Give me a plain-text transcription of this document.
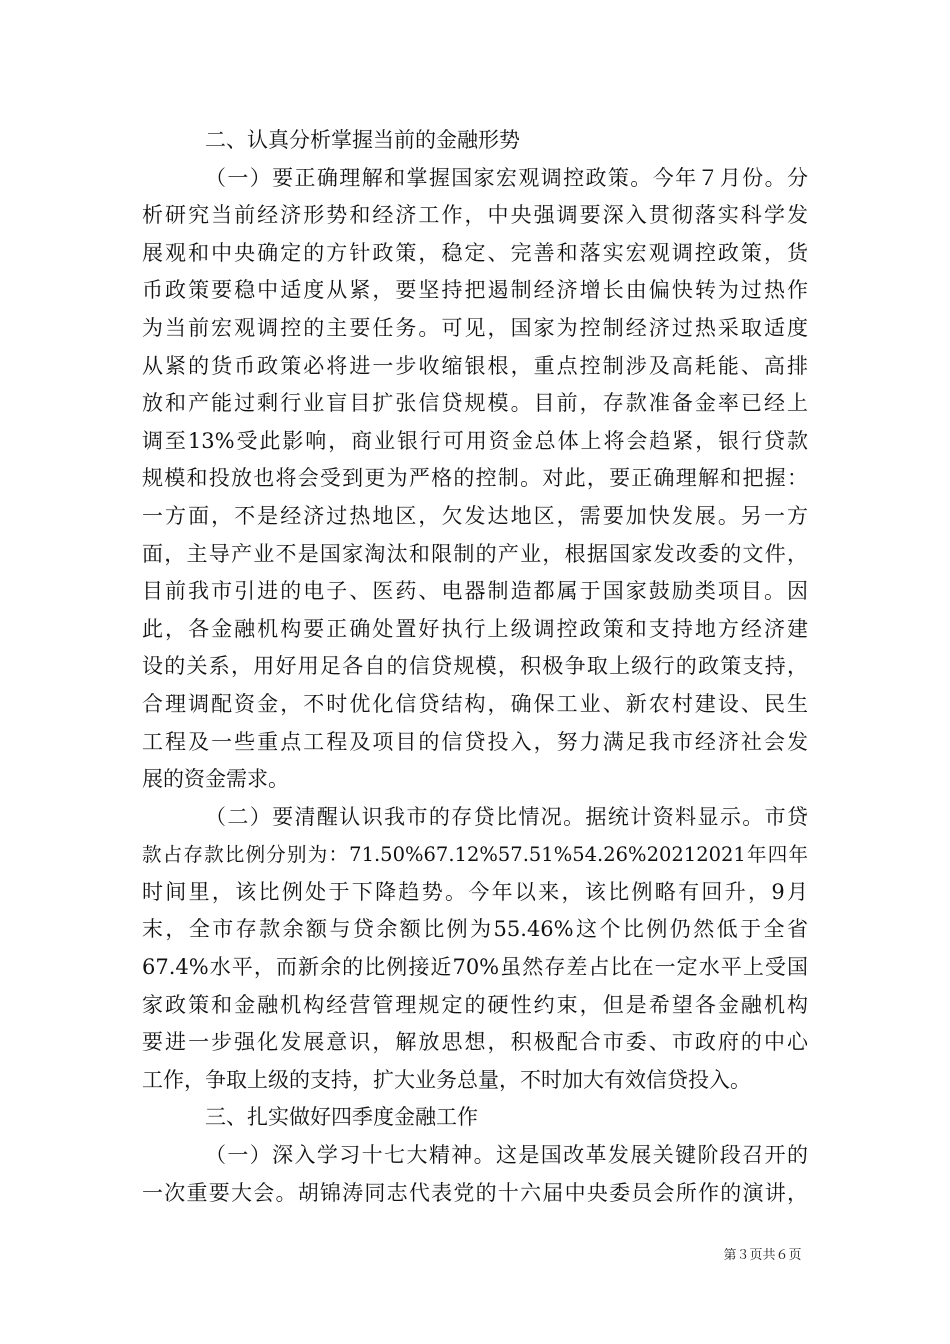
二、认真分析掌握当前的金融形势
（一）要正确理解和掌握国家宏观调控政策。今年７月份。分
析研究当前经济形势和经济工作，中央强调要深入贯彻落实科学发
展观和中央确定的方针政策，稳定、完善和落实宏观调控政策，货
币政策要稳中适度从紧，要坚持把遏制经济增长由偏快转为过热作
为当前宏观调控的主要任务。可见，国家为控制经济过热采取适度
从紧的货币政策必将进一步收缩银根，重点控制涉及高耗能、高排
放和产能过剩行业盲目扩张信贷规模。目前，存款准备金率已经上
调至13%受此影响，商业银行可用资金总体上将会趋紧，银行贷款
规模和投放也将会受到更为严格的控制。对此，要正确理解和把握：
一方面，不是经济过热地区，欠发达地区，需要加快发展。另一方
面，主导产业不是国家淘汰和限制的产业，根据国家发改委的文件，
目前我市引进的电子、医药、电器制造都属于国家鼓励类项目。因
此，各金融机构要正确处置好执行上级调控政策和支持地方经济建
设的关系，用好用足各自的信贷规模，积极争取上级行的政策支持，
合理调配资金，不时优化信贷结构，确保工业、新农村建设、民生
工程及一些重点工程及项目的信贷投入，努力满足我市经济社会发
展的资金需求。
（二）要清醒认识我市的存贷比情况。据统计资料显示。市贷
款占存款比例分别为：71.50%67.12%57.51%54.26%20212021年四年
时间里，该比例处于下降趋势。今年以来，该比例略有回升，9月
末，全市存款余额与贷余额比例为55.46%这个比例仍然低于全省
67.4%水平，而新余的比例接近70%虽然存差占比在一定水平上受国
家政策和金融机构经营管理规定的硬性约束，但是希望各金融机构
要进一步强化发展意识，解放思想，积极配合市委、市政府的中心
工作，争取上级的支持，扩大业务总量，不时加大有效信贷投入。
三、扎实做好四季度金融工作
（一）深入学习十七大精神。这是国改革发展关键阶段召开的
一次重要大会。胡锦涛同志代表党的十六届中央委员会所作的演讲，
第３页共６页
